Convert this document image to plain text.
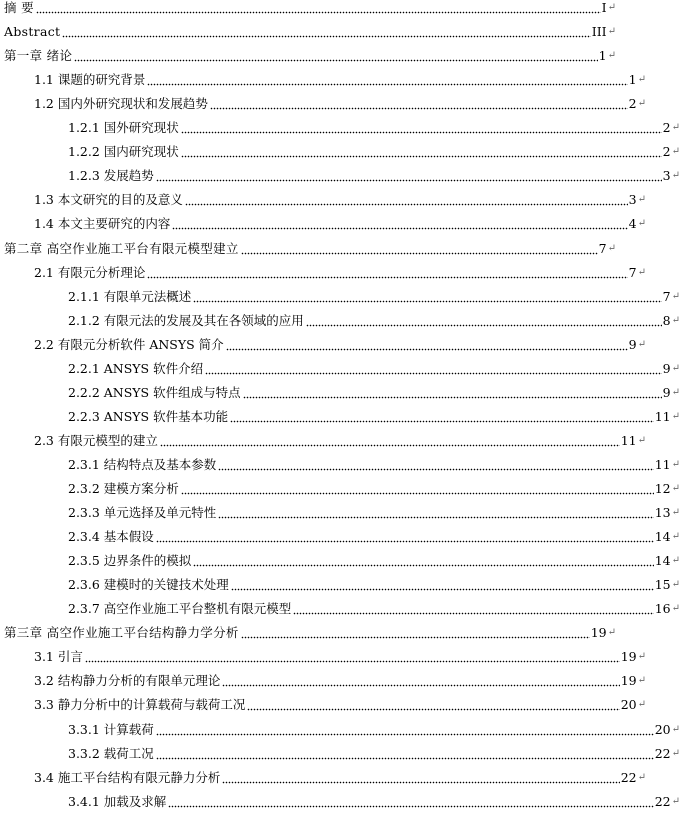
摘 要	I ↵
Abstract	III ↵
第一章 绪论	1 ↵
1.1 课题的研究背景	1 ↵
1.2 国内外研究现状和发展趋势	2 ↵
1.2.1 国外研究现状	2 ↵
1.2.2 国内研究现状	2 ↵
1.2.3 发展趋势	3 ↵
1.3 本文研究的目的及意义	3 ↵
1.4 本文主要研究的内容	4 ↵
第二章 高空作业施工平台有限元模型建立	7 ↵
2.1 有限元分析理论	7 ↵
2.1.1 有限单元法概述	7 ↵
2.1.2 有限元法的发展及其在各领域的应用	8 ↵
2.2 有限元分析软件 ANSYS 简介	9 ↵
2.2.1 ANSYS 软件介绍	9 ↵
2.2.2 ANSYS 软件组成与特点	9 ↵
2.2.3 ANSYS 软件基本功能	11 ↵
2.3 有限元模型的建立	11 ↵
2.3.1 结构特点及基本参数	11 ↵
2.3.2 建模方案分析	12 ↵
2.3.3 单元选择及单元特性	13 ↵
2.3.4 基本假设	14 ↵
2.3.5 边界条件的模拟	14 ↵
2.3.6 建模时的关键技术处理	15 ↵
2.3.7 高空作业施工平台整机有限元模型	16 ↵
第三章 高空作业施工平台结构静力学分析	19 ↵
3.1 引言	19 ↵
3.2 结构静力分析的有限单元理论	19 ↵
3.3 静力分析中的计算载荷与载荷工况	20 ↵
3.3.1 计算载荷	20 ↵
3.3.2 载荷工况	22 ↵
3.4 施工平台结构有限元静力分析	22 ↵
3.4.1 加载及求解	22 ↵
